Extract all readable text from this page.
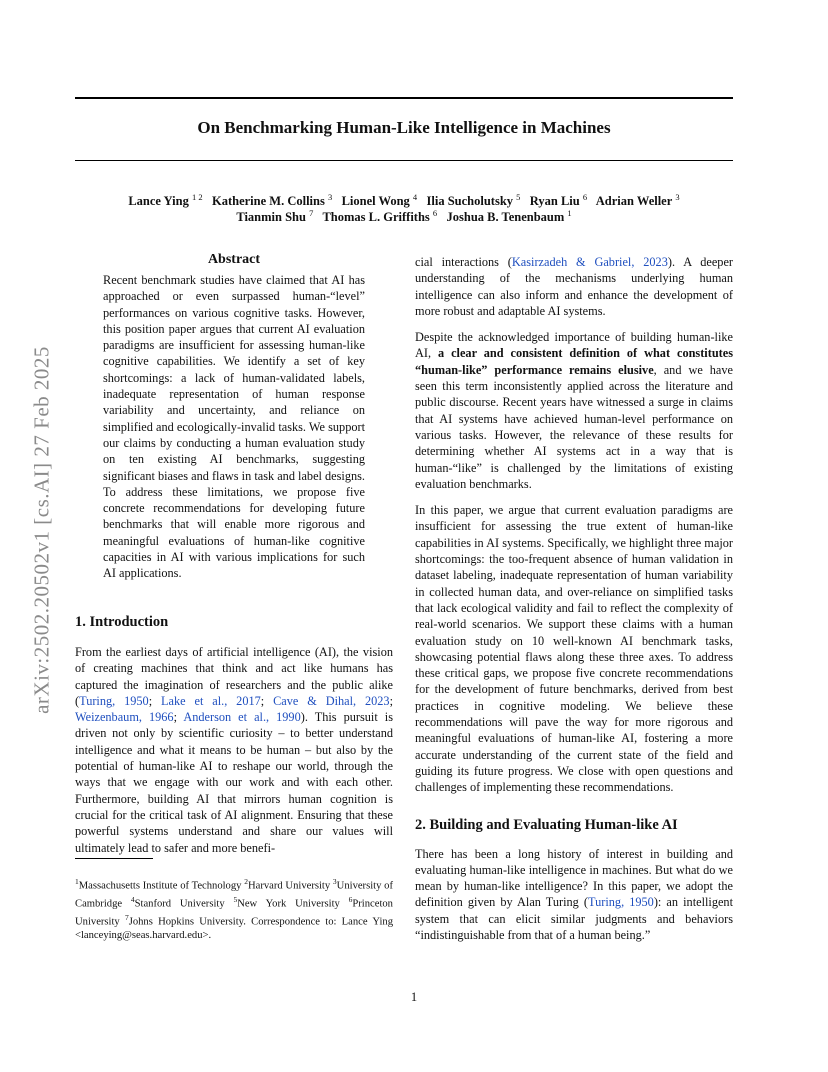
On Benchmarking Human-Like Intelligence in Machines
Lance Ying $^{1 2}$ Katherine M. Collins $^3$ Lionel Wong $^4$ Ilia Sucholutsky $^5$ Ryan Liu $^6$ Adrian Weller $^3$
Tianmin Shu $^7$ Thomas L. Griffiths $^6$ Joshua B. Tenenbaum $^1$
arXiv:2502.20502v1 [cs.AI] 27 Feb 2025
Abstract

Recent benchmark studies have claimed that AI has approached or even surpassed human-“level” performances on various cognitive tasks. However, this position paper argues that current AI evaluation paradigms are insufficient for assessing human-like cognitive capabilities. We identify a set of key shortcomings: a lack of human-validated labels, inadequate representation of human response variability and uncertainty, and reliance on simplified and ecologically-invalid tasks. We support our claims by conducting a human evaluation study on ten existing AI benchmarks, suggesting significant biases and flaws in task and label designs. To address these limitations, we propose five concrete recommendations for developing future benchmarks that will enable more rigorous and meaningful evaluations of human-like cognitive capacities in AI with various implications for such AI applications.

1. Introduction

From the earliest days of artificial intelligence (AI), the vision of creating machines that think and act like humans has captured the imagination of researchers and the public alike (Turing, 1950; Lake et al., 2017; Cave & Dihal, 2023; Weizenbaum, 1966; Anderson et al., 1990). This pursuit is driven not only by scientific curiosity – to better understand intelligence and what it means to be human – but also by the potential of human-like AI to reshape our world, through the ways that we engage with our work and with each other. Furthermore, building AI that mirrors human cognition is crucial for the critical task of AI alignment. Ensuring that these powerful systems understand and share our values will ultimately lead to safer and more benefi-

$^1$Massachusetts Institute of Technology $^2$Harvard University $^3$University of Cambridge $^4$Stanford University $^5$New York University $^6$Princeton University $^7$Johns Hopkins University. Correspondence to: Lance Ying <lanceying@seas.harvard.edu>.

cial interactions (Kasirzadeh & Gabriel, 2023). A deeper understanding of the mechanisms underlying human intelligence can also inform and enhance the development of more robust and adaptable AI systems.

Despite the acknowledged importance of building human-like AI, a clear and consistent definition of what constitutes “human-like” performance remains elusive, and we have seen this term inconsistently applied across the literature and public discourse. Recent years have witnessed a surge in claims that AI systems have achieved human-level performance on various tasks. However, the relevance of these results for determining whether AI systems act in a way that is human-“like” is challenged by the limitations of existing evaluation benchmarks.

In this paper, we argue that current evaluation paradigms are insufficient for assessing the true extent of human-like capabilities in AI systems. Specifically, we highlight three major shortcomings: the too-frequent absence of human validation in dataset labeling, inadequate representation of human variability in collected human data, and over-reliance on simplified tasks that lack ecological validity and fail to reflect the complexity of real-world scenarios. We support these claims with a human evaluation study on 10 well-known AI benchmark tasks, showcasing potential flaws along these three axes. To address these critical gaps, we propose five concrete recommendations for the development of future benchmarks, derived from best practices in cognitive modeling. We believe these recommendations will pave the way for more rigorous and meaningful evaluations of human-like AI, fostering a more accurate understanding of the current state of the field and guiding its future progress. We close with open questions and challenges of implementing these recommendations.

2. Building and Evaluating Human-like AI

There has been a long history of interest in building and evaluating human-like intelligence in machines. But what do we mean by human-like intelligence? In this paper, we adopt the definition given by Alan Turing (Turing, 1950): an intelligent system that can elicit similar judgments and behaviors “indistinguishable from that of a human being.”

1
